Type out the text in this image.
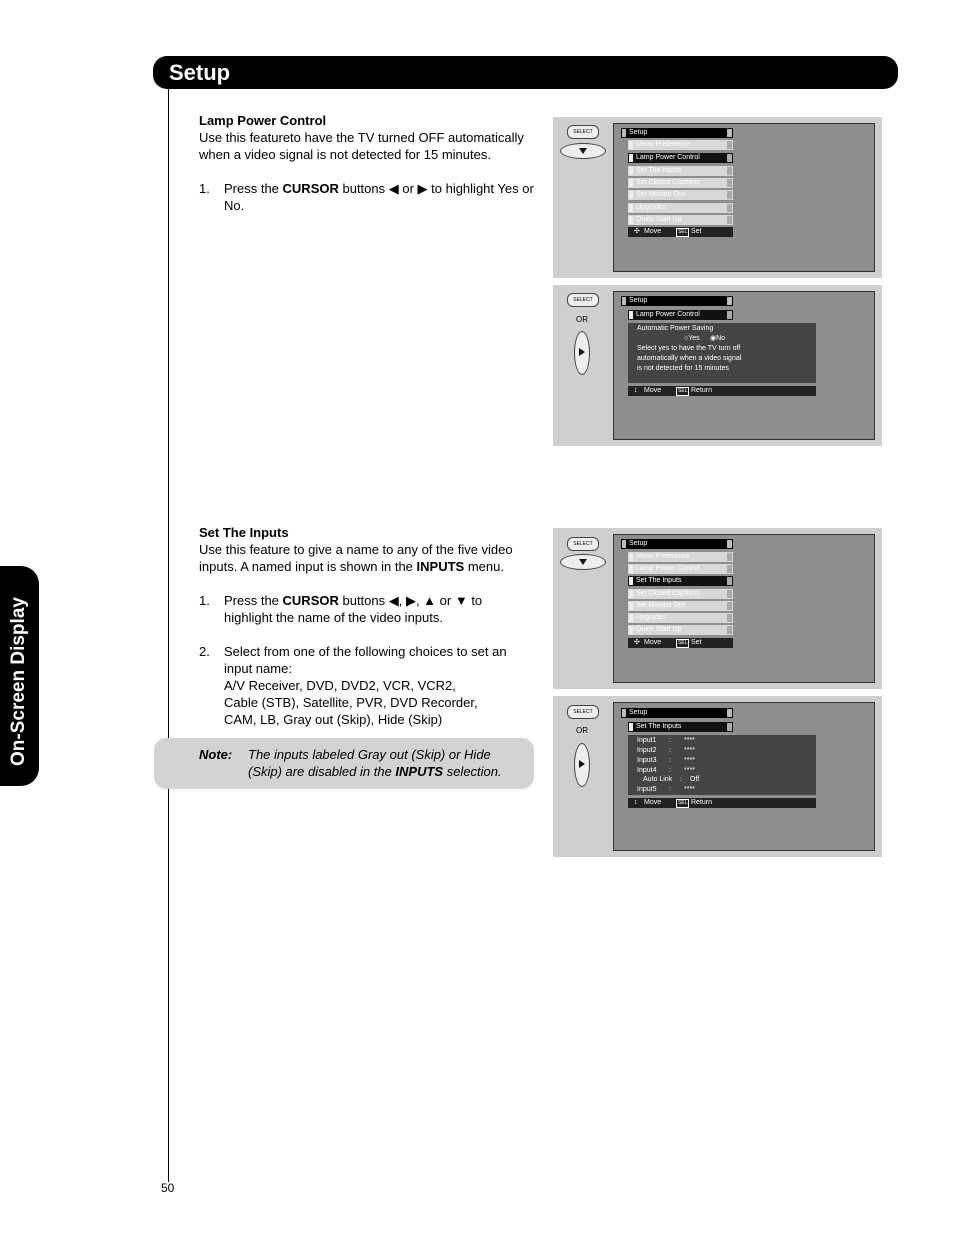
Setup
On-Screen Display
Lamp Power Control

Use this featureto have the TV turned OFF automatically when a video signal is not detected for 15 minutes.

1.	Press the CURSOR buttons ◀ or ▶ to highlight Yes or No.
Set The Inputs

Use this feature to give a name to any of the five video inputs. A named input is shown in the INPUTS menu.

1.	Press the CURSOR buttons ◀, ▶, ▲ or ▼ to highlight the name of the video inputs.
2.	Select from one of the following choices to set an input name:
A/V Receiver, DVD, DVD2, VCR, VCR2,
Cable (STB), Satellite, PVR, DVD Recorder,
CAM, LB, Gray out (Skip), Hide (Skip)
Note: The inputs labeled Gray out (Skip) or Hide (Skip) are disabled in the INPUTS selection.
SELECT	Setup
Menu Preference
Lamp Power Control
Set The Inputs
Set Closed Captions
Set Monitor Out
Upgrades
Quick Start Up
✣ Move	SEL Set
SELECT
OR
Setup
Lamp Power Control
Automatic Power Saving
○Yes ◉No
Select yes to have the TV turn off
automatically when a video signal
is not detected for 15 minutes
↕ Move	SEL Return
SELECT	Setup
Menu Preference
Lamp Power Control
Set The Inputs
Set Closed Captions
Set Monitor Out
Upgrades
Quick Start Up
✣ Move	SEL Set
SELECT
OR
Setup
Set The Inputs
Input1 : ****
Input2 : ****
Input3 : ****
Input4 : ****
Auto Link : Off
Input5 : ****
↕ Move	SEL Return
50
